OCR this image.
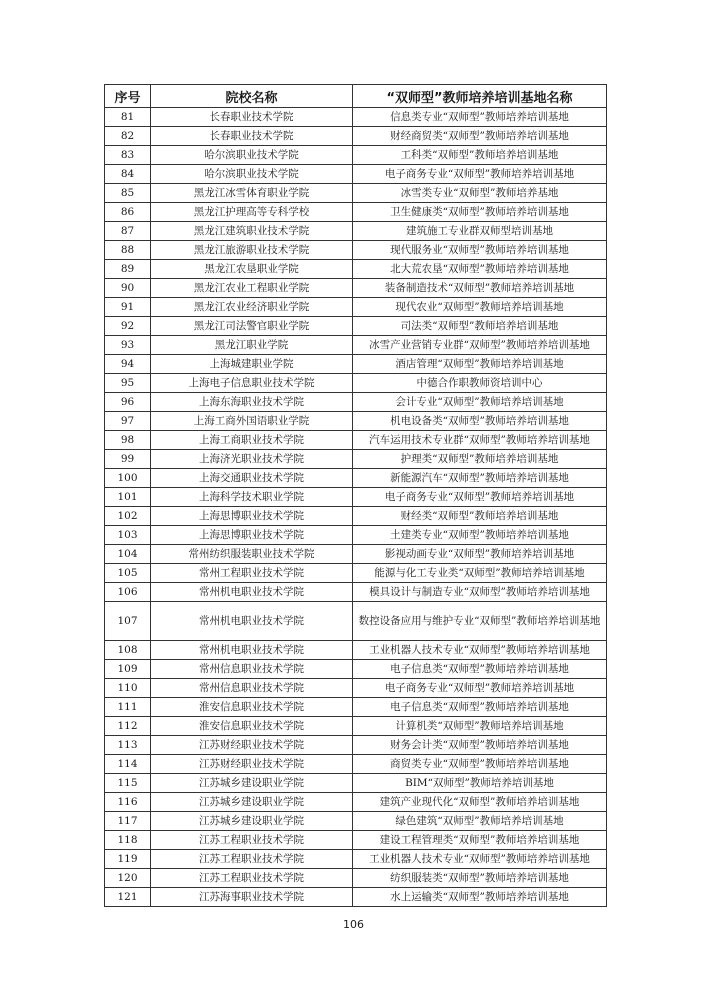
序号	院校名称	“双师型”教师培养培训基地名称
81	长春职业技术学院	信息类专业“双师型”教师培养培训基地
82	长春职业技术学院	财经商贸类“双师型”教师培养培训基地
83	哈尔滨职业技术学院	工科类“双师型”教师培养培训基地
84	哈尔滨职业技术学院	电子商务专业“双师型”教师培养培训基地
85	黑龙江冰雪体育职业学院	冰雪类专业“双师型”教师培养基地
86	黑龙江护理高等专科学校	卫生健康类“双师型”教师培养培训基地
87	黑龙江建筑职业技术学院	建筑施工专业群双师型培训基地
88	黑龙江旅游职业技术学院	现代服务业“双师型”教师培养培训基地
89	黑龙江农垦职业学院	北大荒农垦“双师型”教师培养培训基地
90	黑龙江农业工程职业学院	装备制造技术“双师型”教师培养培训基地
91	黑龙江农业经济职业学院	现代农业“双师型”教师培养培训基地
92	黑龙江司法警官职业学院	司法类“双师型”教师培养培训基地
93	黑龙江职业学院	冰雪产业营销专业群“双师型”教师培养培训基地
94	上海城建职业学院	酒店管理“双师型”教师培养培训基地
95	上海电子信息职业技术学院	中德合作职教师资培训中心
96	上海东海职业技术学院	会计专业“双师型”教师培养培训基地
97	上海工商外国语职业学院	机电设备类“双师型”教师培养培训基地
98	上海工商职业技术学院	汽车运用技术专业群“双师型”教师培养培训基地
99	上海济光职业技术学院	护理类“双师型”教师培养培训基地
100	上海交通职业技术学院	新能源汽车“双师型”教师培养培训基地
101	上海科学技术职业学院	电子商务专业“双师型”教师培养培训基地
102	上海思博职业技术学院	财经类“双师型”教师培养培训基地
103	上海思博职业技术学院	土建类专业“双师型”教师培养培训基地
104	常州纺织服装职业技术学院	影视动画专业“双师型”教师培养培训基地
105	常州工程职业技术学院	能源与化工专业类“双师型”教师培养培训基地
106	常州机电职业技术学院	模具设计与制造专业“双师型”教师培养培训基地
107	常州机电职业技术学院	数控设备应用与维护专业“双师型”教师培养培训基地
108	常州机电职业技术学院	工业机器人技术专业“双师型”教师培养培训基地
109	常州信息职业技术学院	电子信息类“双师型”教师培养培训基地
110	常州信息职业技术学院	电子商务专业“双师型”教师培养培训基地
111	淮安信息职业技术学院	电子信息类“双师型”教师培养培训基地
112	淮安信息职业技术学院	计算机类“双师型”教师培养培训基地
113	江苏财经职业技术学院	财务会计类“双师型”教师培养培训基地
114	江苏财经职业技术学院	商贸类专业“双师型”教师培养培训基地
115	江苏城乡建设职业学院	BIM“双师型”教师培养培训基地
116	江苏城乡建设职业学院	建筑产业现代化“双师型”教师培养培训基地
117	江苏城乡建设职业学院	绿色建筑“双师型”教师培养培训基地
118	江苏工程职业技术学院	建设工程管理类“双师型”教师培养培训基地
119	江苏工程职业技术学院	工业机器人技术专业“双师型”教师培养培训基地
120	江苏工程职业技术学院	纺织服装类“双师型”教师培养培训基地
121	江苏海事职业技术学院	水上运输类“双师型”教师培养培训基地
106
